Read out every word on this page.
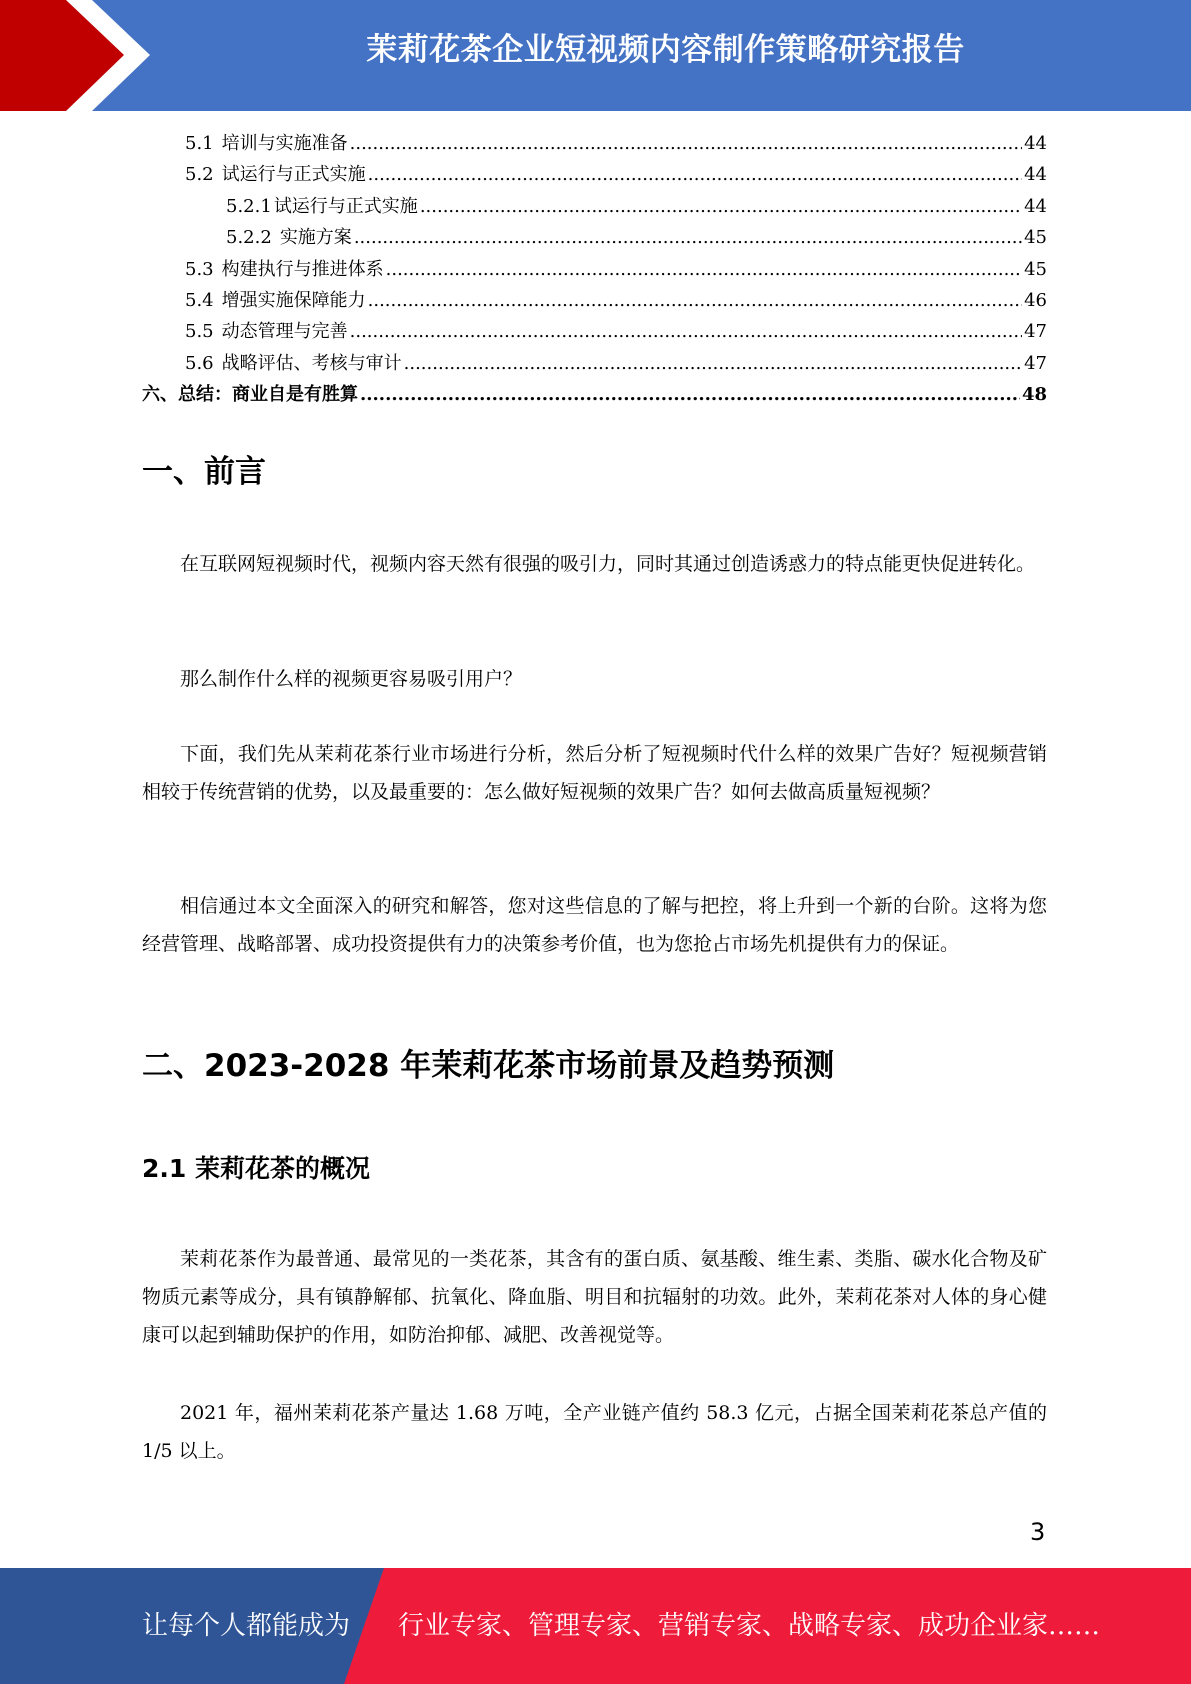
茉莉花茶企业短视频内容制作策略研究报告
5.1 培训与实施准备 .....	44
5.2 试运行与正式实施 .....	44
5.2.1 试运行与正式实施 .....	44
5.2.2 实施方案 .....	45
5.3 构建执行与推进体系 .....	45
5.4 增强实施保障能力 .....	46
5.5 动态管理与完善 .....	47
5.6 战略评估、考核与审计 .....	47
六、总结：商业自是有胜算 .....	48
一、前言

在互联网短视频时代，视频内容天然有很强的吸引力，同时其通过创造诱惑力的特点能更快促进转化。

那么制作什么样的视频更容易吸引用户？

下面，我们先从茉莉花茶行业市场进行分析，然后分析了短视频时代什么样的效果广告好？短视频营销相较于传统营销的优势，以及最重要的：怎么做好短视频的效果广告？如何去做高质量短视频？

相信通过本文全面深入的研究和解答，您对这些信息的了解与把控，将上升到一个新的台阶。这将为您经营管理、战略部署、成功投资提供有力的决策参考价值，也为您抢占市场先机提供有力的保证。

二、2023-2028 年茉莉花茶市场前景及趋势预测
2.1 茉莉花茶的概况

茉莉花茶作为最普通、最常见的一类花茶，其含有的蛋白质、氨基酸、维生素、类脂、碳水化合物及矿物质元素等成分，具有镇静解郁、抗氧化、降血脂、明目和抗辐射的功效。此外，茉莉花茶对人体的身心健康可以起到辅助保护的作用，如防治抑郁、减肥、改善视觉等。

2021 年，福州茉莉花茶产量达 1.68 万吨，全产业链产值约 58.3 亿元，占据全国茉莉花茶总产值的 1/5 以上。

3
让每个人都能成为 行业专家、管理专家、营销专家、战略专家、成功企业家……
